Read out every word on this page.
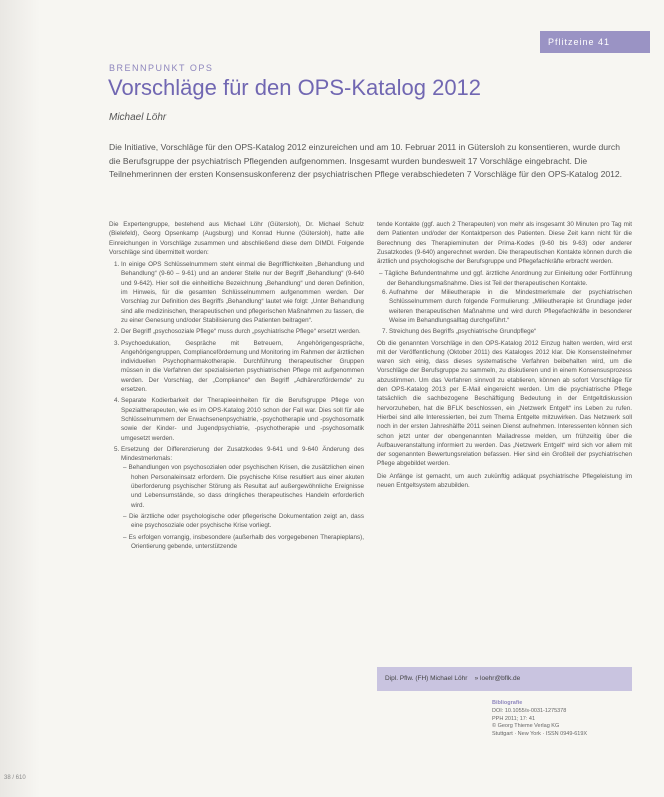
Pflitzeine 41
BRENNPUNKT OPS
Vorschläge für den OPS-Katalog 2012
Michael Löhr
Die Initiative, Vorschläge für den OPS-Katalog 2012 einzureichen und am 10. Februar 2011 in Gütersloh zu konsentieren, wurde durch die Berufsgruppe der psychiatrisch Pflegenden aufgenommen. Insgesamt wurden bundesweit 17 Vorschläge eingebracht. Die Teilnehmerinnen der ersten Konsensuskonferenz der psychiatrischen Pflege verabschiedeten 7 Vorschläge für den OPS-Katalog 2012.

Die Expertengruppe, bestehend aus Michael Löhr (Gütersloh), Dr. Michael Schulz (Bielefeld), Georg Opsenkamp (Augsburg) und Konrad Hunne (Gütersloh), hatte alle Einreichungen in Vorschläge zusammen und abschließend diese dem DIMDI. Folgende Vorschläge sind übermittelt worden:

1. In einige OPS Schlüsselnummern steht einmal die Begrifflichkeiten „Behandlung und Behandlung“ (9-60 – 9-61) und an anderer Stelle nur der Begriff „Behandlung“ (9-640 und 9-642). Hier soll die einheitliche Bezeichnung „Behandlung“ und deren Definition, im Hinweis, für die gesamten Schlüsselnummern aufgenommen werden. Der Vorschlag zur Definition des Begriffs „Behandlung“ lautet wie folgt: „Unter Behandlung sind alle medizinischen, therapeutischen und pflegerischen Maßnahmen zu fassen, die zu einer Genesung und/oder Stabilisierung des Patienten beitragen“.
2. Der Begriff „psychosoziale Pflege“ muss durch „psychiatrische Pflege“ ersetzt werden.
3. Psychoedukation, Gespräche mit Betreuern, Angehörigengespräche, Angehörigengruppen, Compliancefördernung und Monitoring im Rahmen der ärztlichen individuellen Psychopharmakotherapie. Durchführung therapeutischer Gruppen müssen in die Verfahren der spezialisierten psychiatrischen Pflege mit aufgenommen werden. Der Vorschlag, der „Compliance“ den Begriff „Adhärenzfördernde“ zu ersetzen.
4. Separate Kodierbarkeit der Therapieeinheiten für die Berufsgruppe Pflege von Spezialtherapeuten, wie es im OPS-Katalog 2010 schon der Fall war. Dies soll für alle Schlüsselnummern der Erwachsenenpsychiatrie, -psychotherapie und -psychosomatik sowie der Kinder- und Jugendpsychiatrie, -psychotherapie und -psychosomatik umgesetzt werden.
5. Ersetzung der Differenzierung der Zusatzkodes 9-641 und 9-640 Änderung des Mindestmerkmals:
– Behandlungen von psychosozialen oder psychischen Krisen, die zusätzlichen einen hohen Personaleinsatz erfordern. Die psychische Krise resultiert aus einer akuten überforderung psychischer Störung als Resultat auf außergewöhnliche Ereignisse und Lebensumstände, so dass dringliches therapeutisches Handeln erforderlich wird.
– Die ärztliche oder psychologische oder pflegerische Dokumentation zeigt an, dass eine psychosoziale oder psychische Krise vorliegt.
– Es erfolgen vorrangig, insbesondere (außerhalb des vorgegebenen Therapieplans), Orientierung gebende, unterstützende

tende Kontakte (ggf. auch 2 Therapeuten) von mehr als insgesamt 30 Minuten pro Tag mit dem Patienten und/oder der Kontaktperson des Patienten. Diese Zeit kann nicht für die Berechnung des Therapieminuten der Prima-Kodes (9-60 bis 9-63) oder anderer Zusatzkodes (9-640) angerechnet werden. Die therapeutischen Kontakte können durch die ärztlich und psychologische der Berufsgruppe und Pflegefachkräfte erbracht werden.

– Tägliche Befundentnahme und ggf. ärztliche Anordnung zur Einleitung oder Fortführung der Behandlungsmaßnahme. Dies ist Teil der therapeutischen Kontakte.
6. Aufnahme der Milieutherapie in die Mindestmerkmale der psychiatrischen Schlüsselnummern durch folgende Formulierung: „Milieutherapie ist Grundlage jeder weiteren therapeutischen Maßnahme und wird durch Pflegefachkräfte in besonderer Weise im Behandlungsalltag durchgeführt.“
7. Streichung des Begriffs „psychiatrische Grundpflege“

Ob die genannten Vorschläge in den OPS-Katalog 2012 Einzug halten werden, wird erst mit der Veröffentlichung (Oktober 2011) des Kataloges 2012 klar. Die Konsensteilnehmer waren sich einig, dass dieses systematische Verfahren beibehalten wird, um die Vorschläge der Berufsgruppe zu sammeln, zu diskutieren und in einem Konsensusprozess abzustimmen. Um das Verfahren sinnvoll zu etablieren, können ab sofort Vorschläge für den OPS-Katalog 2013 per E-Mail eingereicht werden. Um die psychiatrische Pflege tatsächlich die sachbezogene Beschäftigung Bedeutung in der Entgeltdiskussion hervorzuheben, hat die BFLK beschlossen, ein „Netzwerk Entgelt“ ins Leben zu rufen. Hierbei sind alle Interessierten, bei zum Thema Entgelte mitzuwirken. Das Netzwerk soll noch in der ersten Jahreshälfte 2011 seinen Dienst aufnehmen. Interessenten können sich schon jetzt unter der obengenannten Mailadresse melden, um frühzeitig über die Aufbauveranstaltung informiert zu werden. Das „Netzwerk Entgelt“ wird sich vor allem mit der sogenannten Bewertungsrelation befassen. Hier sind ein Großteil der psychiatrischen Pflege abgebildet werden.

Die Anfänge ist gemacht, um auch zukünftig adäquat psychiatrische Pflegeleistung im neuen Entgeltsystem abzubilden.

Dipl. Pflw. (FH) Michael Löhr » loehr@bflk.de
Bibliografie
DOI: 10.1055/s-0031-1275378
PPH 2011; 17: 41
© Georg Thieme Verlag KG
Stuttgart · New York · ISSN 0949-619X
38 / 610
